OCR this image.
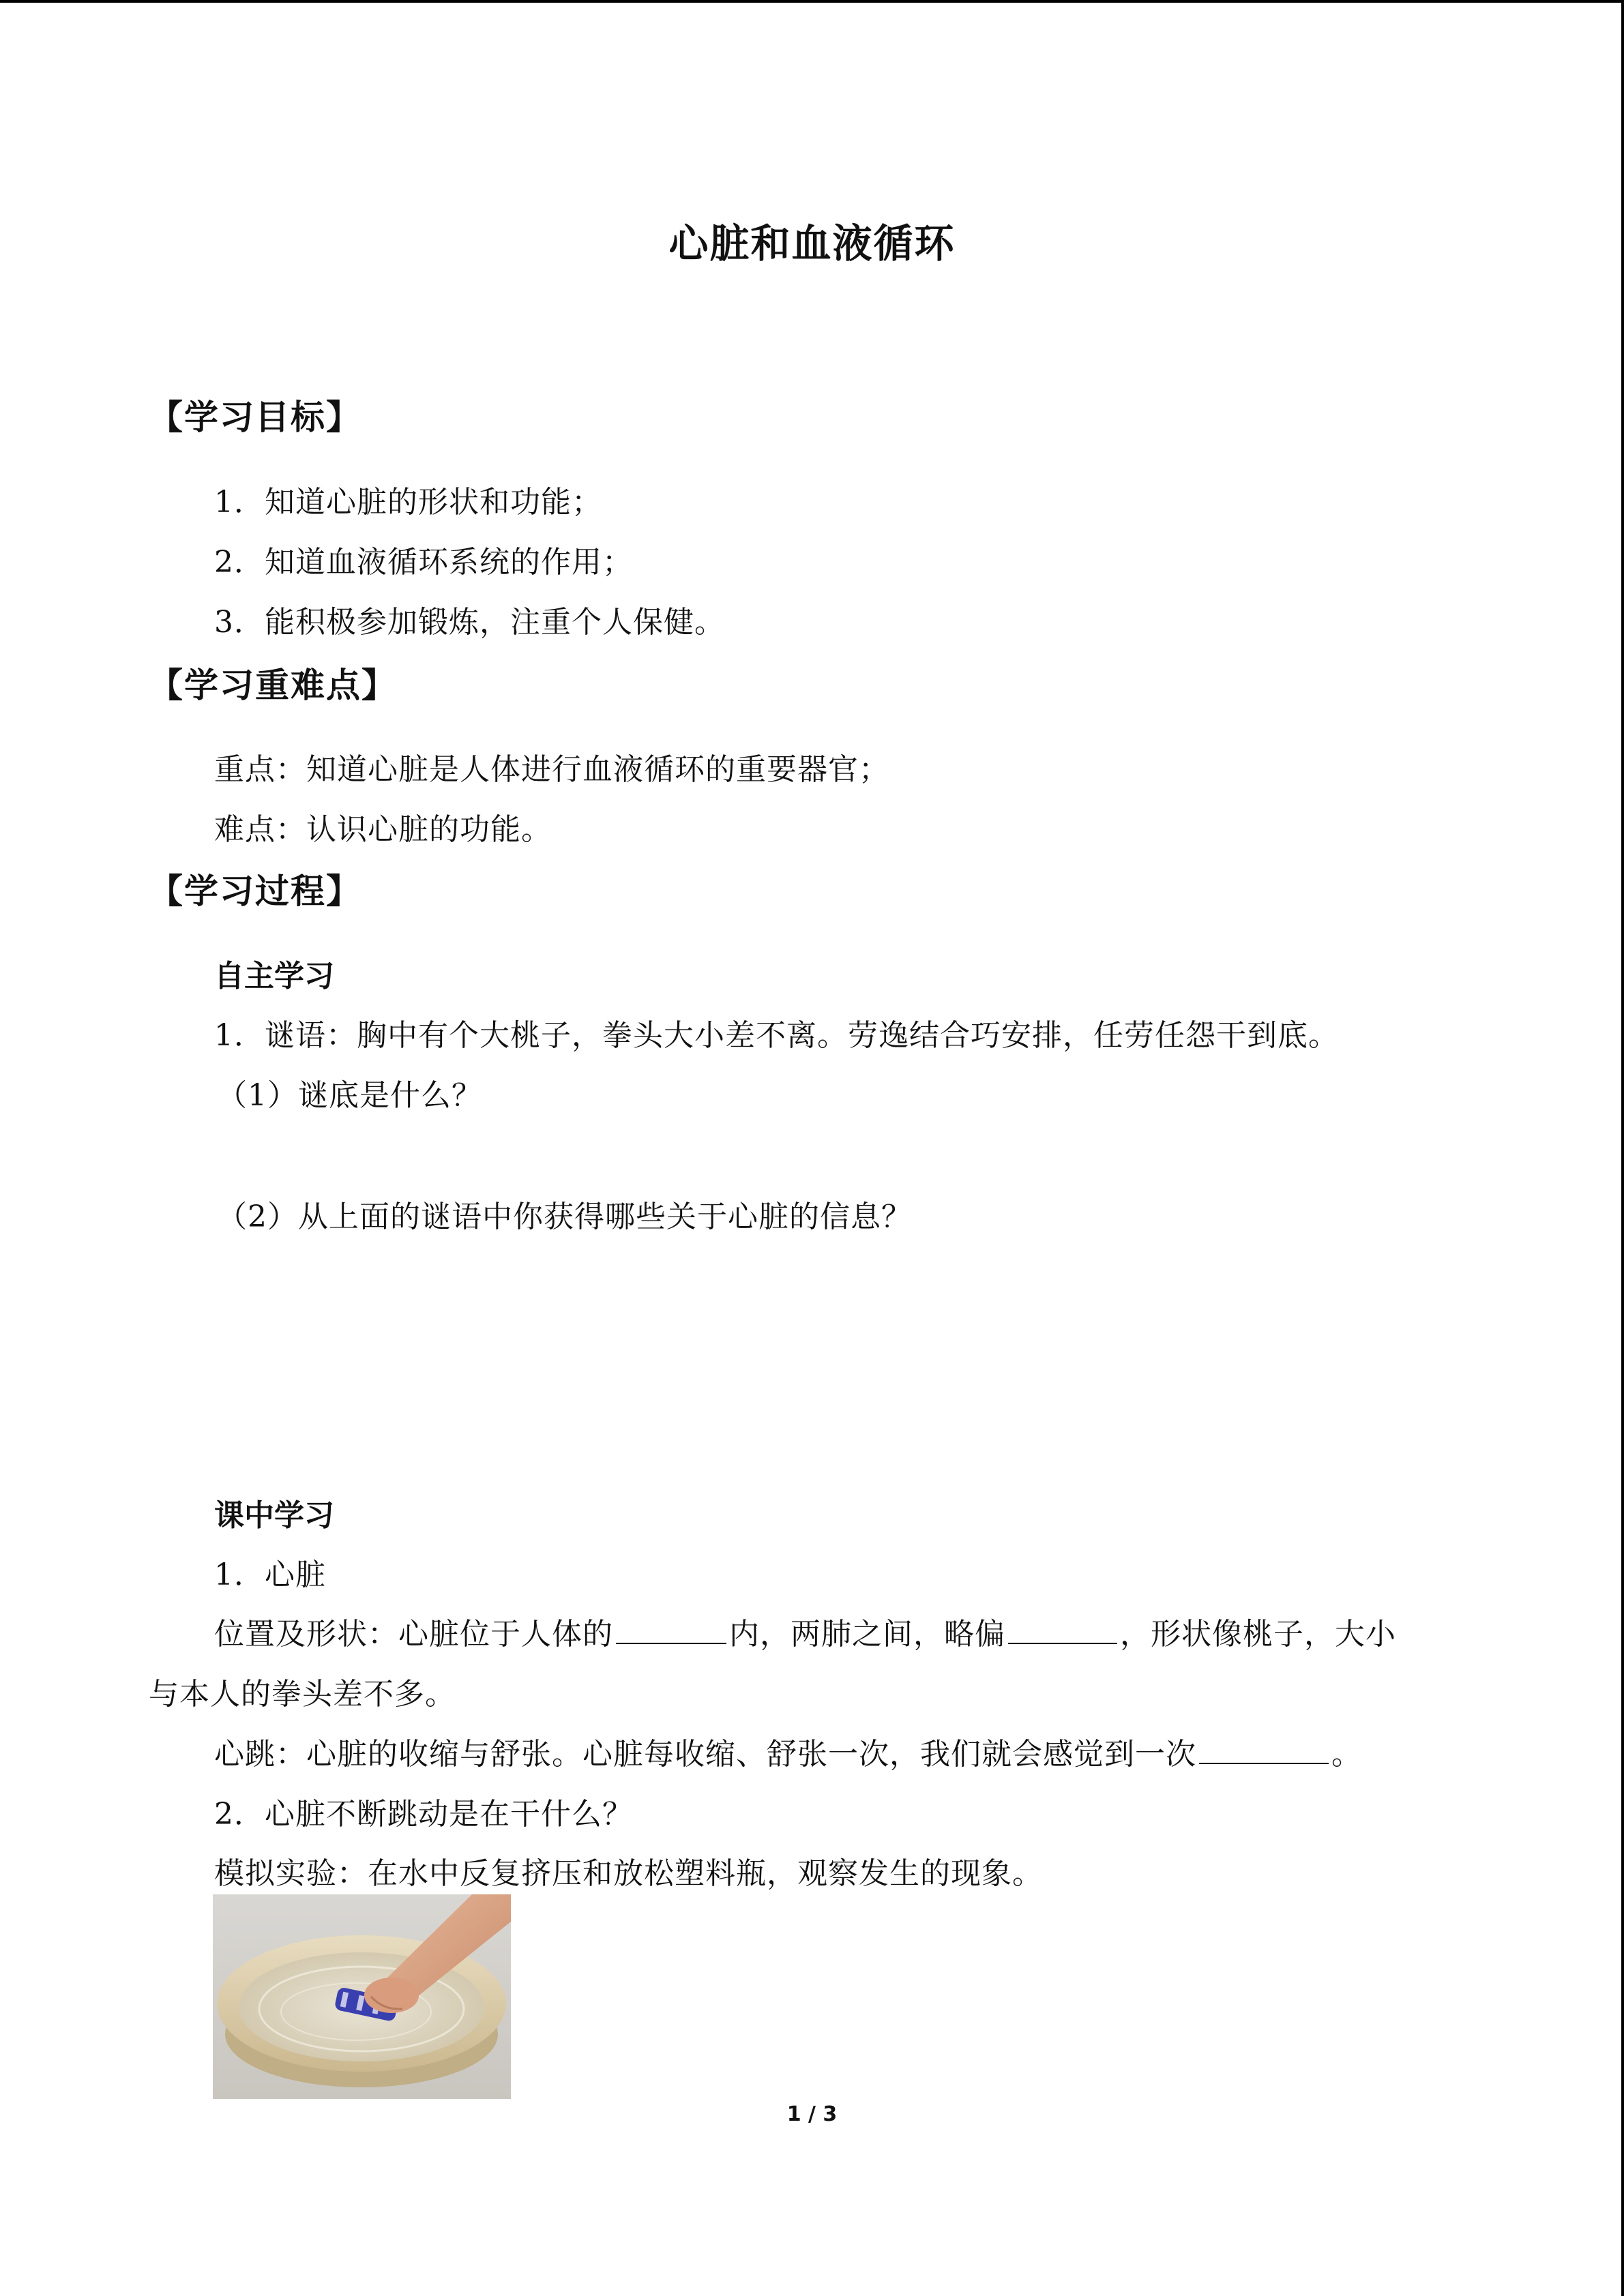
心脏和血液循环
【学习目标】
1．知道心脏的形状和功能；
2．知道血液循环系统的作用；
3．能积极参加锻炼，注重个人保健。
【学习重难点】
重点：知道心脏是人体进行血液循环的重要器官；
难点：认识心脏的功能。
【学习过程】
自主学习
1．谜语：胸中有个大桃子，拳头大小差不离。劳逸结合巧安排，任劳任怨干到底。
（1）谜底是什么？
（2）从上面的谜语中你获得哪些关于心脏的信息？
课中学习
1．心脏
位置及形状：心脏位于人体的	内，两肺之间，略偏	，形状像桃子，大小
与本人的拳头差不多。
心跳：心脏的收缩与舒张。心脏每收缩、舒张一次，我们就会感觉到一次	。
2．心脏不断跳动是在干什么？
模拟实验：在水中反复挤压和放松塑料瓶，观察发生的现象。
1 / 3
